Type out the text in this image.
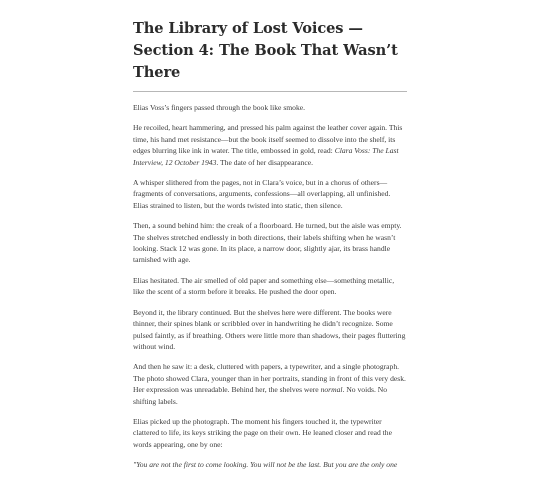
The Library of Lost Voices — Section 4: The Book That Wasn’t There

Elias Voss’s fingers passed through the book like smoke.

He recoiled, heart hammering, and pressed his palm against the leather cover again. This time, his hand met resistance—but the book itself seemed to dissolve into the shelf, its edges blurring like ink in water. The title, embossed in gold, read: Clara Voss: The Last Interview, 12 October 1943. The date of her disappearance.

A whisper slithered from the pages, not in Clara’s voice, but in a chorus of others—fragments of conversations, arguments, confessions—all overlapping, all unfinished. Elias strained to listen, but the words twisted into static, then silence.

Then, a sound behind him: the creak of a floorboard. He turned, but the aisle was empty. The shelves stretched endlessly in both directions, their labels shifting when he wasn’t looking. Stack 12 was gone. In its place, a narrow door, slightly ajar, its brass handle tarnished with age.

Elias hesitated. The air smelled of old paper and something else—something metallic, like the scent of a storm before it breaks. He pushed the door open.

Beyond it, the library continued. But the shelves here were different. The books were thinner, their spines blank or scribbled over in handwriting he didn’t recognize. Some pulsed faintly, as if breathing. Others were little more than shadows, their pages fluttering without wind.

And then he saw it: a desk, cluttered with papers, a typewriter, and a single photograph. The photo showed Clara, younger than in her portraits, standing in front of this very desk. Her expression was unreadable. Behind her, the shelves were normal. No voids. No shifting labels.

Elias picked up the photograph. The moment his fingers touched it, the typewriter clattered to life, its keys striking the page on their own. He leaned closer and read the words appearing, one by one:

"You are not the first to come looking. You will not be the last. But you are the only one
